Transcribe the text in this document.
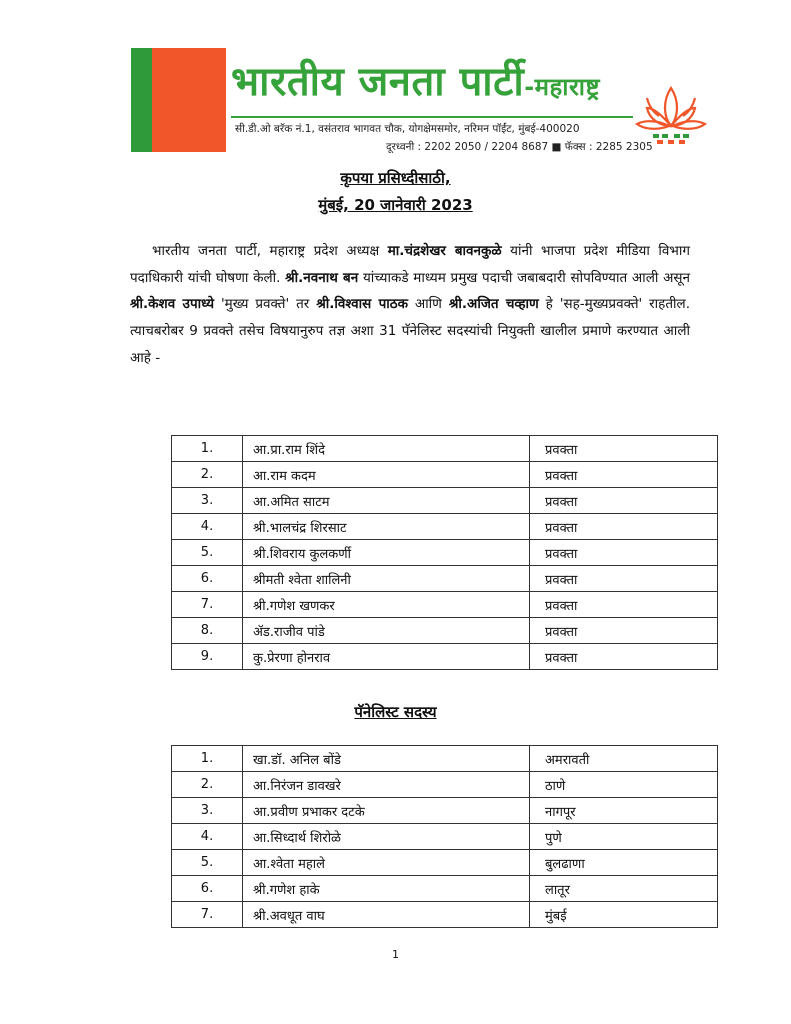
भारतीय जनता पार्टी-महाराष्ट्र
सी.डी.ओ बरॅक नं.1, वसंतराव भागवत चौक, योगक्षेमसमोर, नरिमन पॉईंट, मुंबई-400020
दूरध्वनी : 2202 2050 / 2204 8687 ■ फॅक्स : 2285 2305
कृपया प्रसिध्दीसाठी,
मुंबई, 20 जानेवारी 2023
भारतीय जनता पार्टी, महाराष्ट्र प्रदेश अध्यक्ष मा.चंद्रशेखर बावनकुळे यांनी भाजपा प्रदेश मीडिया विभाग पदाधिकारी यांची घोषणा केली. श्री.नवनाथ बन यांच्याकडे माध्यम प्रमुख पदाची जबाबदारी सोपविण्यात आली असून श्री.केशव उपाध्ये 'मुख्य प्रवक्ते' तर श्री.विश्वास पाठक आणि श्री.अजित चव्हाण हे 'सह-मुख्यप्रवक्ते' राहतील. त्याचबरोबर 9 प्रवक्ते तसेच विषयानुरुप तज्ञ अशा 31 पॅनेलिस्ट सदस्यांची नियुक्ती खालील प्रमाणे करण्यात आली आहे -
1.	आ.प्रा.राम शिंदे	प्रवक्ता
2.	आ.राम कदम	प्रवक्ता
3.	आ.अमित साटम	प्रवक्ता
4.	श्री.भालचंद्र शिरसाट	प्रवक्ता
5.	श्री.शिवराय कुलकर्णी	प्रवक्ता
6.	श्रीमती श्वेता शालिनी	प्रवक्ता
7.	श्री.गणेश खणकर	प्रवक्ता
8.	ॲड.राजीव पांडे	प्रवक्ता
9.	कु.प्रेरणा होनराव	प्रवक्ता
पॅनेलिस्ट सदस्य
1.	खा.डॉ. अनिल बोंडे	अमरावती
2.	आ.निरंजन डावखरे	ठाणे
3.	आ.प्रवीण प्रभाकर दटके	नागपूर
4.	आ.सिध्दार्थ शिरोळे	पुणे
5.	आ.श्वेता महाले	बुलढाणा
6.	श्री.गणेश हाके	लातूर
7.	श्री.अवधूत वाघ	मुंबई
1
